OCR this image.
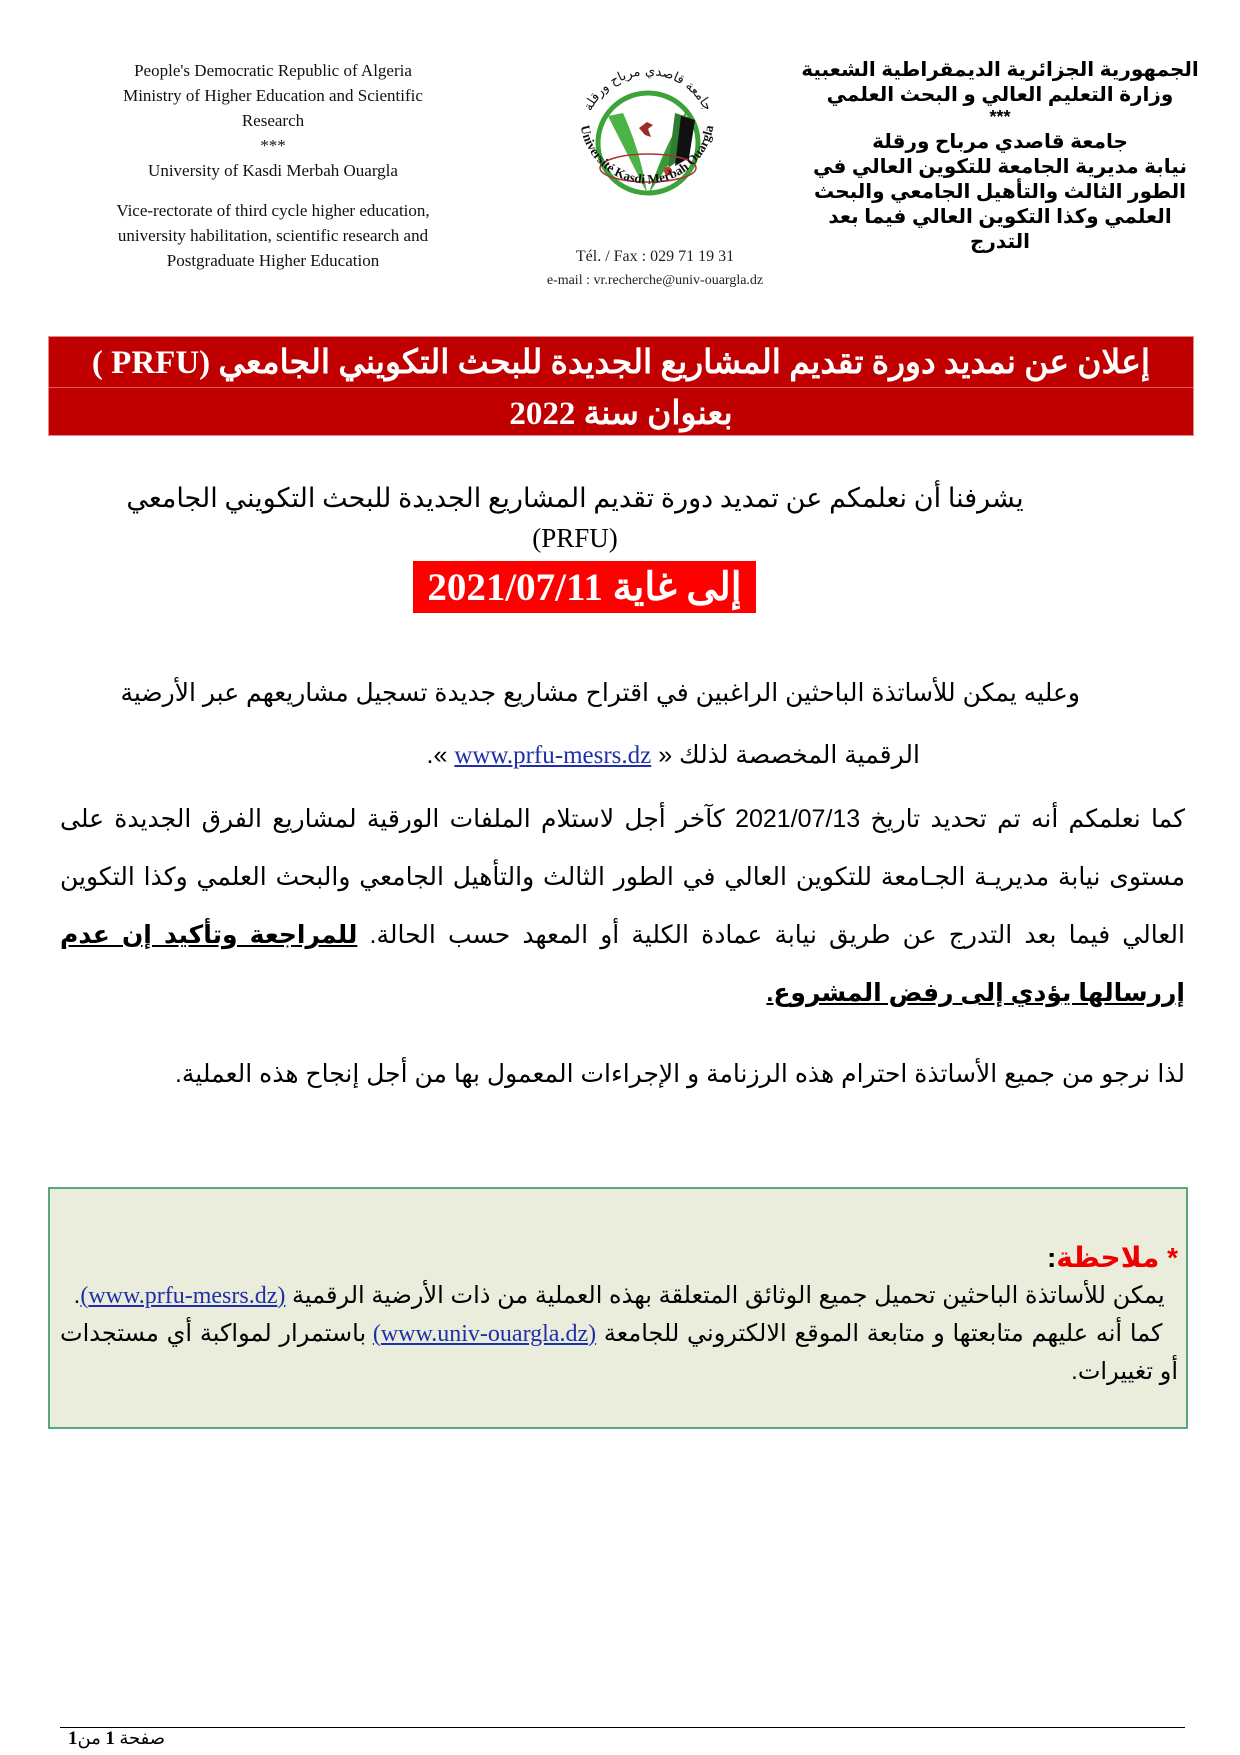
People's Democratic Republic of Algeria
Ministry of Higher Education and Scientific
Research
***
University of Kasdi Merbah Ouargla
Vice-rectorate of third cycle higher education,
university habilitation, scientific research and
Postgraduate Higher Education
جامعة قاصدي مرباح ورقلة
Université Kasdi Merbah Ouargla
Tél. / Fax : 029 71 19 31
e-mail : vr.recherche@univ-ouargla.dz
الجمهورية الجزائرية الديمقراطية الشعبية
وزارة التعليم العالي و البحث العلمي
***
جامعة قاصدي مرباح ورقلة
نيابة مديرية الجامعة للتكوين العالي في
الطور الثالث والتأهيل الجامعي والبحث
العلمي وكذا التكوين العالي فيما بعد التدرج
إعلان عن نمديد دورة تقديم المشاريع الجديدة للبحث التكويني الجامعي (PRFU )
بعنوان سنة 2022
يشرفنا أن نعلمكم عن تمديد دورة تقديم المشاريع الجديدة للبحث التكويني الجامعي (PRFU)
إلى غاية 2021/07/11
وعليه يمكن للأساتذة الباحثين الراغبين في اقتراح مشاريع جديدة تسجيل مشاريعهم عبر الأرضية
الرقمية المخصصة لذلك « www.prfu-mesrs.dz ».
كما نعلمكم أنه تم تحديد تاريخ 2021/07/13 كآخر أجل لاستلام الملفات الورقية لمشاريع الفرق الجديدة على مستوى نيابة مديريـة الجـامعة للتكوين العالي في الطور الثالث والتأهيل الجامعي والبحث العلمي وكذا التكوين العالي فيما بعد التدرج عن طريق نيابة عمادة الكلية أو المعهد حسب الحالة. للمراجعة وتأكيد إن عدم إررسالها يؤدي إلى رفض المشروع.
لذا نرجو من جميع الأساتذة احترام هذه الرزنامة و الإجراءات المعمول بها من أجل إنجاح هذه العملية.
* ملاحظة:
يمكن للأساتذة الباحثين تحميل جميع الوثائق المتعلقة بهذه العملية من ذات الأرضية الرقمية (www.prfu-mesrs.dz).
كما أنه عليهم متابعتها و متابعة الموقع الالكتروني للجامعة (www.univ-ouargla.dz) باستمرار لمواكبة أي مستجدات أو تغييرات.
صفحة 1 من1
